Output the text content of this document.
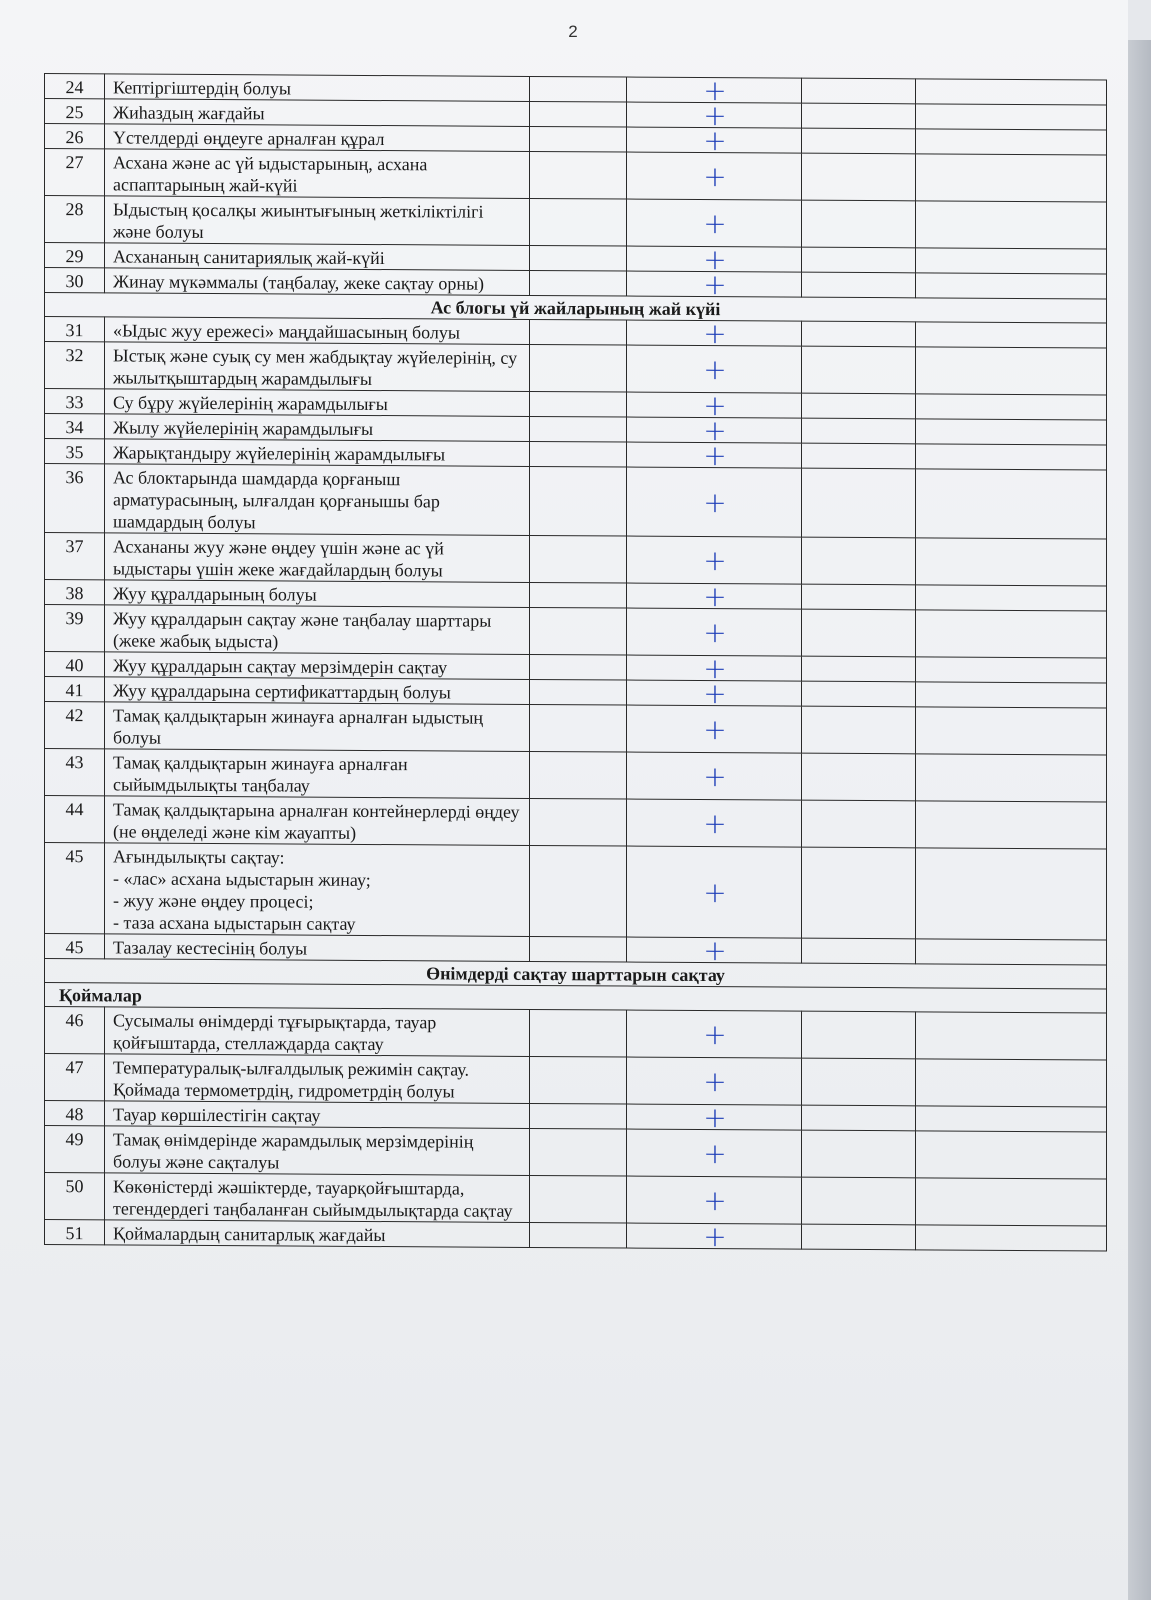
2
24	Кептіргіштердің болуы		+		
25	Жиһаздың жағдайы		+		
26	Үстелдерді өңдеуге арналған құрал		+		
27	Асхана және ас үй ыдыстарының, асхана аспаптарының жай-күйі		+		
28	Ыдыстың қосалқы жиынтығының жеткіліктілігі және болуы		+		
29	Асхананың санитариялық жай-күйі		+		
30	Жинау мүкәммалы (таңбалау, жеке сақтау орны)		+		
Ас блогы үй жайларының жай күйі					
31	«Ыдыс жуу ережесі» маңдайшасының болуы		+		
32	Ыстық және суық су мен жабдықтау жүйелерінің, су жылытқыштардың жарамдылығы		+		
33	Су бұру жүйелерінің жарамдылығы		+		
34	Жылу жүйелерінің жарамдылығы		+		
35	Жарықтандыру жүйелерінің жарамдылығы		+		
36	Ас блоктарында шамдарда қорғаныш арматурасының, ылғалдан қорғанышы бар шамдардың болуы		+		
37	Асхананы жуу және өңдеу үшін және ас үй ыдыстары үшін жеке жағдайлардың болуы		+		
38	Жуу құралдарының болуы		+		
39	Жуу құралдарын сақтау және таңбалау шарттары (жеке жабық ыдыста)		+		
40	Жуу құралдарын сақтау мерзімдерін сақтау		+		
41	Жуу құралдарына сертификаттардың болуы		+		
42	Тамақ қалдықтарын жинауға арналған ыдыстың болуы		+		
43	Тамақ қалдықтарын жинауға арналған сыйымдылықты таңбалау		+		
44	Тамақ қалдықтарына арналған контейнерлерді өңдеу (не өңделеді және кім жауапты)		+		
45	Ағындылықты сақтау:
- «лас» асхана ыдыстарын жинау;
- жуу және өңдеу процесі;
- таза асхана ыдыстарын сақтау		+		
45	Тазалау кестесінің болуы		+		
Өнімдерді сақтау шарттарын сақтау					
Қоймалар					
46	Сусымалы өнімдерді тұғырықтарда, тауар қойғыштарда, стеллаждарда сақтау		+		
47	Температуралық-ылғалдылық режимін сақтау. Қоймада термометрдің, гидрометрдің болуы		+		
48	Тауар көршілестігін сақтау		+		
49	Тамақ өнімдерінде жарамдылық мерзімдерінің болуы және сақталуы		+		
50	Көкөністерді жәшіктерде, тауарқойғыштарда, тегендердегі таңбаланған сыйымдылықтарда сақтау		+		
51	Қоймалардың санитарлық жағдайы		+		
